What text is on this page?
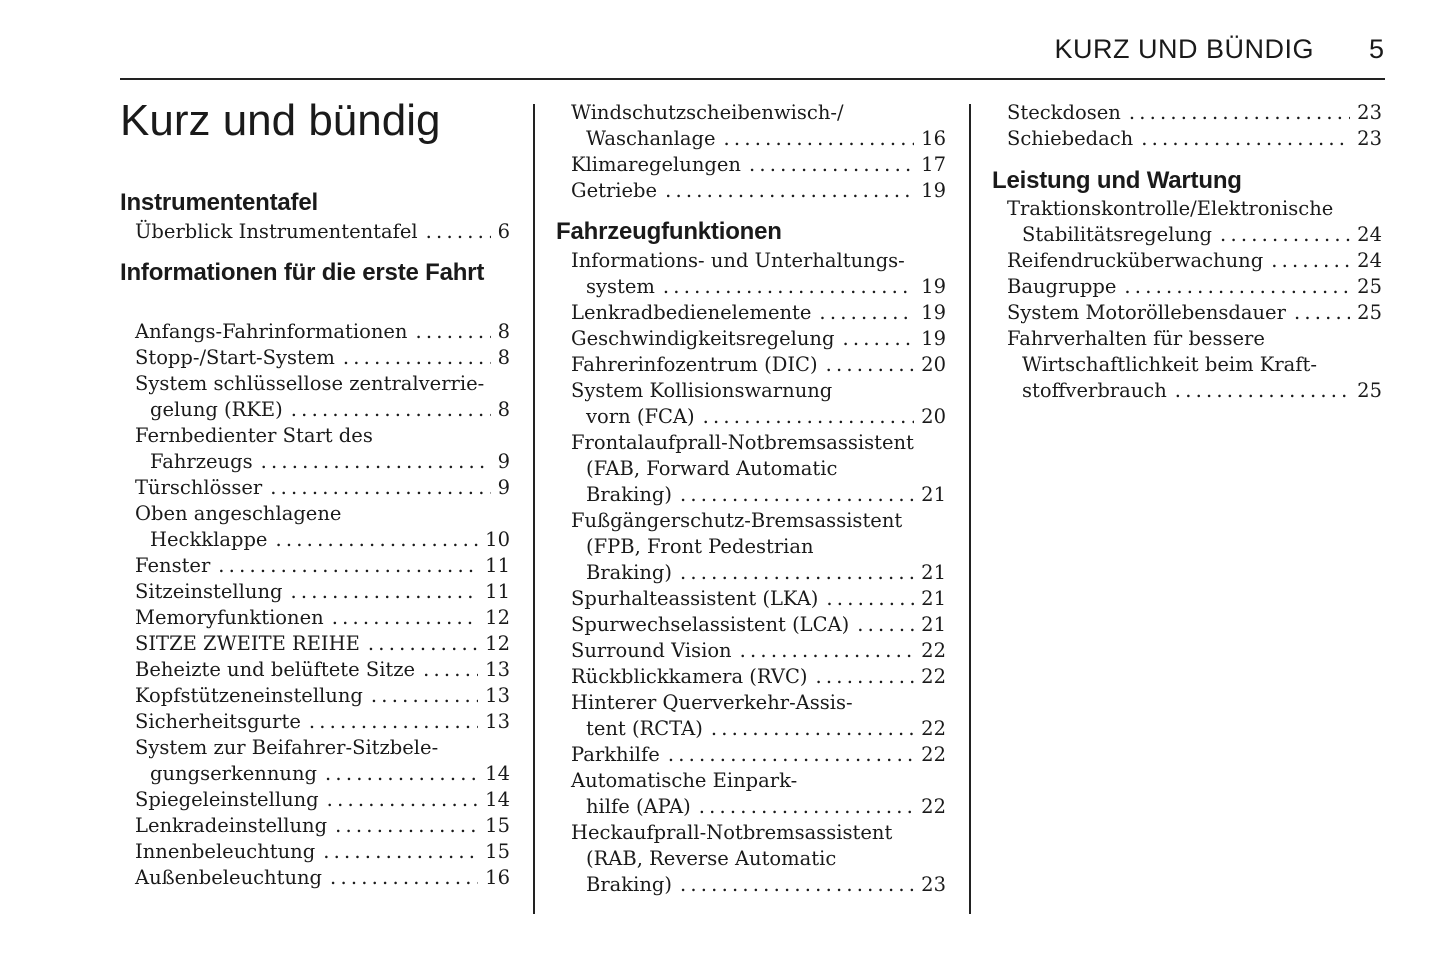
KURZ UND BÜNDIG 5
Kurz und bündig
Instrumententafel
Überblick Instrumententafel .....	6
Informationen für die erste Fahrt
Anfangs-Fahrinformationen .....	8
Stopp-/Start-System .....	8
System schlüssellose zentralverrie-
gelung (RKE) .....	8
Fernbedienter Start des
Fahrzeugs .....	9
Türschlösser .....	9
Oben angeschlagene
Heckklappe .....	10
Fenster .....	11
Sitzeinstellung .....	11
Memoryfunktionen .....	12
SITZE ZWEITE REIHE .....	12
Beheizte und belüftete Sitze .....	13
Kopfstützeneinstellung .....	13
Sicherheitsgurte .....	13
System zur Beifahrer-Sitzbele-
gungserkennung .....	14
Spiegeleinstellung .....	14
Lenkradeinstellung .....	15
Innenbeleuchtung .....	15
Außenbeleuchtung .....	16
Windschutzscheibenwisch-/
Waschanlage .....	16
Klimaregelungen .....	17
Getriebe .....	19
Fahrzeugfunktionen
Informations- und Unterhaltungs-
system .....	19
Lenkradbedienelemente .....	19
Geschwindigkeitsregelung .....	19
Fahrerinfozentrum (DIC) .....	20
System Kollisionswarnung
vorn (FCA) .....	20
Frontalaufprall-Notbremsassistent
(FAB, Forward Automatic
Braking) .....	21
Fußgängerschutz-Bremsassistent
(FPB, Front Pedestrian
Braking) .....	21
Spurhalteassistent (LKA) .....	21
Spurwechselassistent (LCA) .....	21
Surround Vision .....	22
Rückblickkamera (RVC) .....	22
Hinterer Querverkehr-Assis-
tent (RCTA) .....	22
Parkhilfe .....	22
Automatische Einpark-
hilfe (APA) .....	22
Heckaufprall-Notbremsassistent
(RAB, Reverse Automatic
Braking) .....	23
Steckdosen .....	23
Schiebedach .....	23
Leistung und Wartung
Traktionskontrolle/Elektronische
Stabilitätsregelung .....	24
Reifendrucküberwachung .....	24
Baugruppe .....	25
System Motoröllebensdauer .....	25
Fahrverhalten für bessere
Wirtschaftlichkeit beim Kraft-
stoffverbrauch .....	25
